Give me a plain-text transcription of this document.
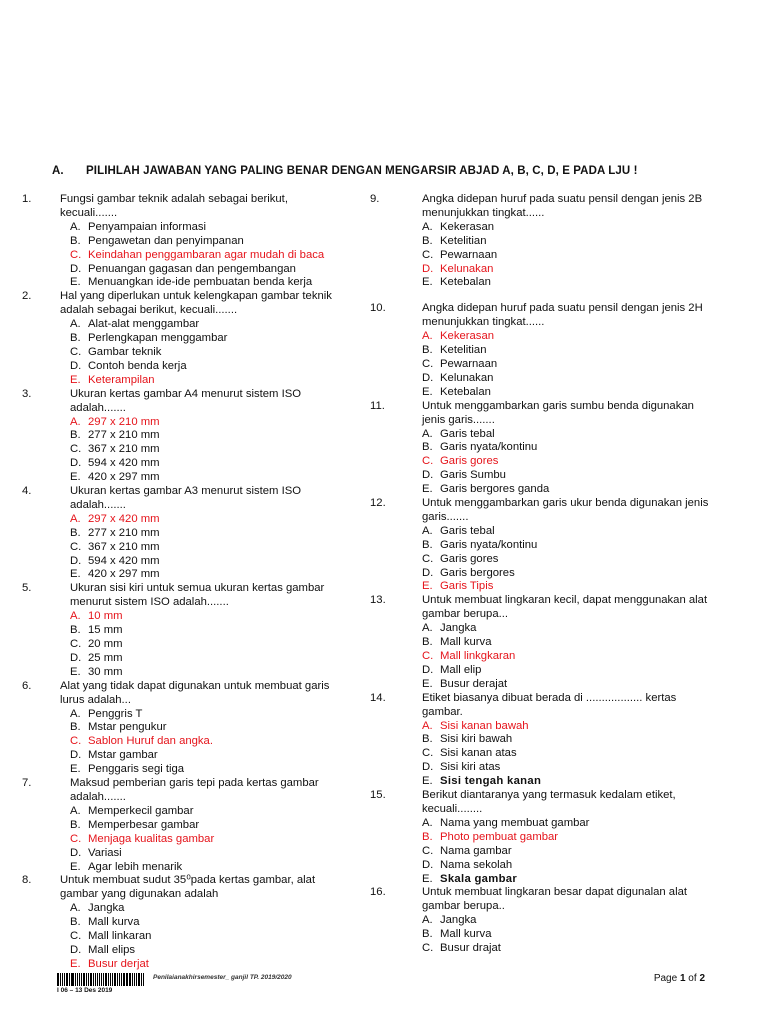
A.	PILIHLAH JAWABAN YANG PALING BENAR DENGAN MENGARSIR ABJAD A, B, C, D, E PADA LJU !
1.	Fungsi gambar teknik adalah sebagai berikut, kecuali.......
A. Penyampaian informasi
B. Pengawetan dan penyimpanan
C. Keindahan penggambaran agar mudah di baca
D. Penuangan gagasan dan pengembangan
E. Menuangkan ide-ide pembuatan benda kerja
2.	Hal yang diperlukan untuk kelengkapan gambar teknik adalah sebagai berikut, kecuali.......
A. Alat-alat menggambar
B. Perlengkapan menggambar
C. Gambar teknik
D. Contoh benda kerja
E. Keterampilan
3.	Ukuran kertas gambar A4 menurut sistem ISO adalah.......
A. 297 x 210 mm
B. 277 x 210 mm
C. 367 x 210 mm
D. 594 x 420 mm
E. 420 x 297 mm
4.	Ukuran kertas gambar A3 menurut sistem ISO adalah.......
A. 297 x 420 mm
B. 277 x 210 mm
C. 367 x 210 mm
D. 594 x 420 mm
E. 420 x 297 mm
5.	Ukuran sisi kiri untuk semua ukuran kertas gambar menurut sistem ISO adalah.......
A. 10 mm
B. 15 mm
C. 20 mm
D. 25 mm
E. 30 mm
6.	Alat yang tidak dapat digunakan untuk membuat garis lurus adalah...
A. Penggris T
B. Mstar pengukur
C. Sablon Huruf dan angka.
D. Mstar gambar
E. Penggaris segi tiga
7.	Maksud pemberian garis tepi pada kertas gambar adalah.......
A. Memperkecil gambar
B. Memperbesar gambar
C. Menjaga kualitas gambar
D. Variasi
E. Agar lebih menarik
8.	Untuk membuat sudut 35⁰pada kertas gambar, alat gambar yang digunakan adalah
A. Jangka
B. Mall kurva
C. Mall linkaran
D. Mall elips
E. Busur derjat
9.	Angka didepan huruf pada suatu pensil dengan jenis 2B menunjukkan tingkat......
A. Kekerasan
B. Ketelitian
C. Pewarnaan
D. Kelunakan
E. Ketebalan
10.	Angka didepan huruf pada suatu pensil dengan jenis 2H menunjukkan tingkat......
A. Kekerasan
B. Ketelitian
C. Pewarnaan
D. Kelunakan
E. Ketebalan
11.	Untuk menggambarkan garis sumbu benda digunakan jenis garis.......
A. Garis tebal
B. Garis nyata/kontinu
C. Garis gores
D. Garis Sumbu
E. Garis bergores ganda
12.	Untuk menggambarkan garis ukur benda digunakan jenis garis.......
A. Garis tebal
B. Garis nyata/kontinu
C. Garis gores
D. Garis bergores
E. Garis Tipis
13.	Untuk membuat lingkaran kecil, dapat menggunakan alat gambar berupa...
A. Jangka
B. Mall kurva
C. Mall linkgkaran
D. Mall elip
E. Busur derajat
14.	Etiket biasanya dibuat berada di .................. kertas gambar.
A. Sisi kanan bawah
B. Sisi kiri bawah
C. Sisi kanan atas
D. Sisi kiri atas
E. Sisi tengah kanan
15.	Berikut diantaranya yang termasuk kedalam etiket, kecuali........
A. Nama yang membuat gambar
B. Photo pembuat gambar
C. Nama gambar
D. Nama sekolah
E. Skala gambar
16.	Untuk membuat lingkaran besar dapat digunalan alat gambar berupa..
A. Jangka
B. Mall kurva
C. Busur drajat
I 06 – 13 Des 2019
Penilaianakhirsemester_ ganjil TP. 2019/2020	Page 1 of 2
